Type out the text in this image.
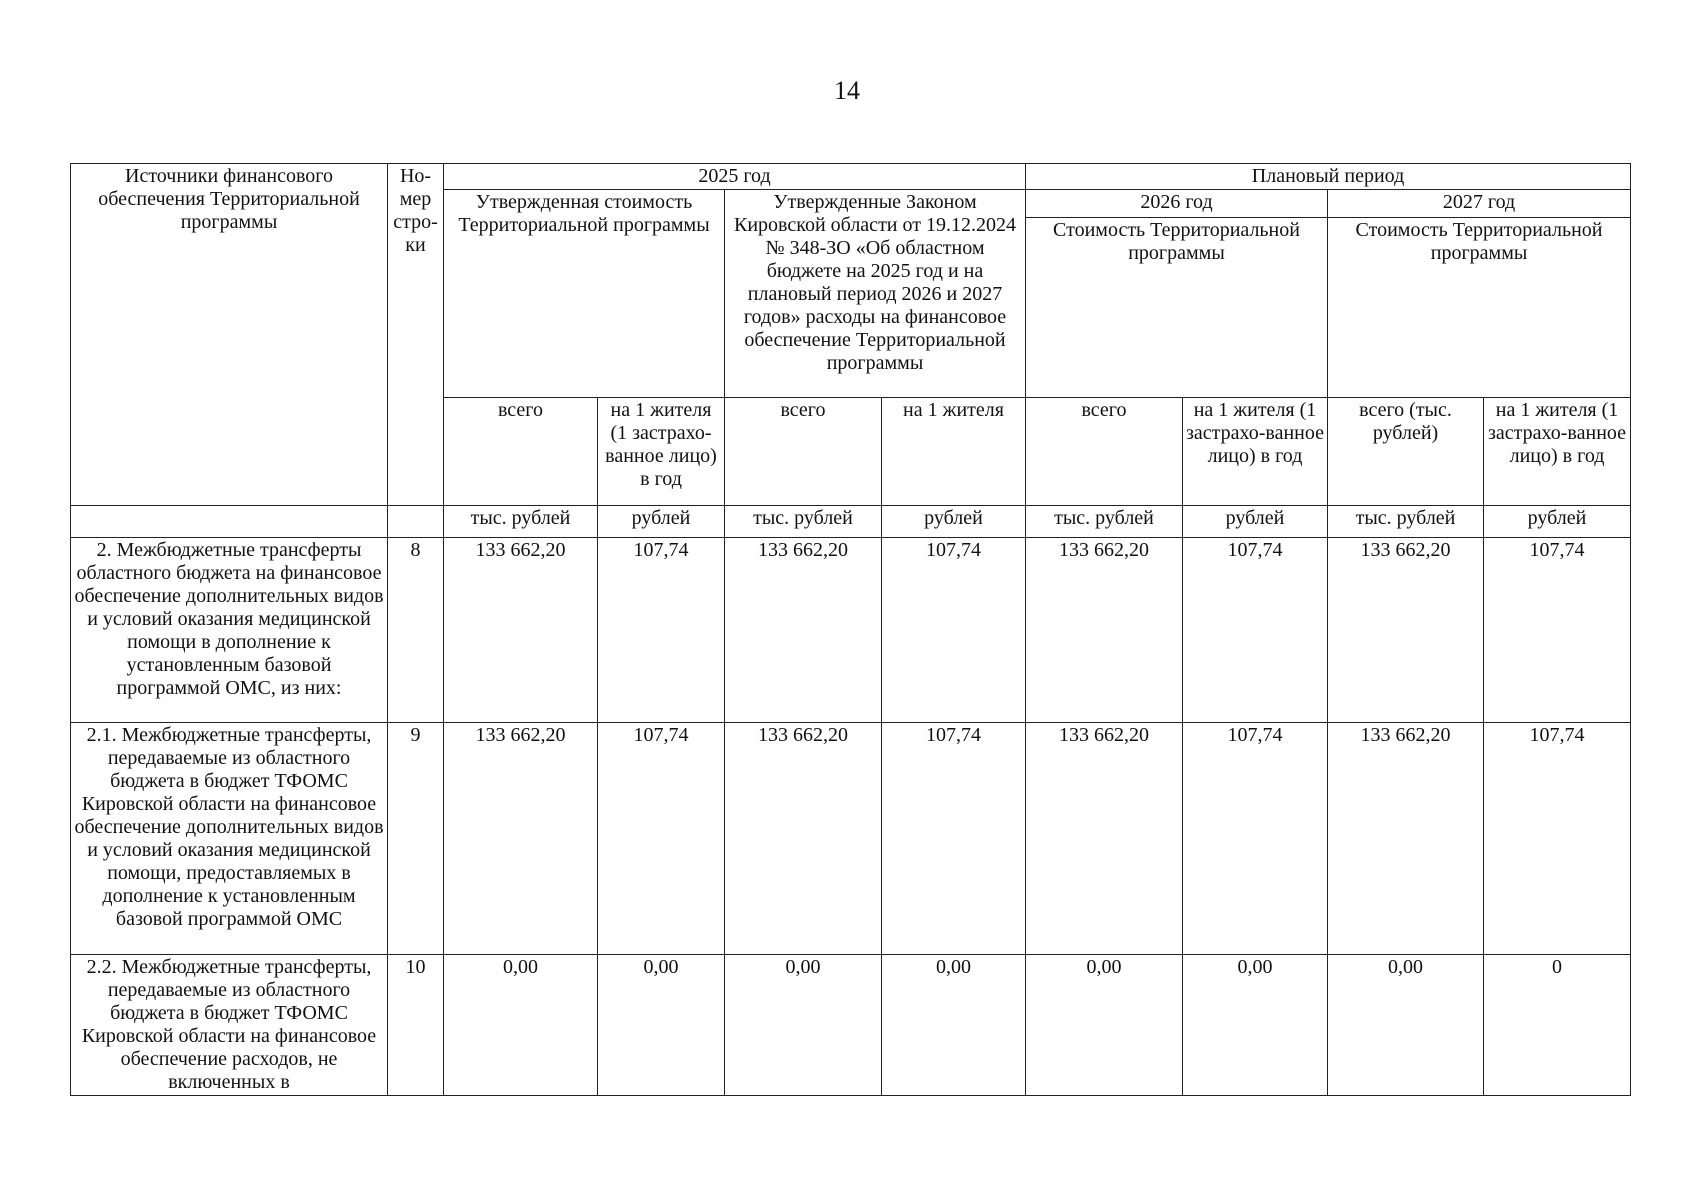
14
Источники финансового обеспечения Территориальной программы	Но-мер стро-ки	2025 год				Плановый период			
		Утвержденная стоимость Территориальной программы		Утвержденные Законом Кировской области от 19.12.2024 № 348-ЗО «Об областном бюджете на 2025 год и на плановый период 2026 и 2027 годов» расходы на финансовое обеспечение Территориальной программы		2026 год		2027 год	
						Стоимость Территориальной программы		Стоимость Территориальной программы	
		всего	на 1 жителя (1 застрахо-ванное лицо) в год	всего	на 1 жителя	всего	на 1 жителя (1 застрахо-ванное лицо) в год	всего (тыс. рублей)	на 1 жителя (1 застрахо-ванное лицо) в год
		тыс. рублей	рублей	тыс. рублей	рублей	тыс. рублей	рублей	тыс. рублей	рублей
2. Межбюджетные трансферты областного бюджета на финансовое обеспечение дополнительных видов и условий оказания медицинской помощи в дополнение к установленным базовой программой ОМС, из них:	8	133 662,20	107,74	133 662,20	107,74	133 662,20	107,74	133 662,20	107,74
2.1. Межбюджетные трансферты, передаваемые из областного бюджета в бюджет ТФОМС Кировской области на финансовое обеспечение дополнительных видов и условий оказания медицинской помощи, предоставляемых в дополнение к установленным базовой программой ОМС	9	133 662,20	107,74	133 662,20	107,74	133 662,20	107,74	133 662,20	107,74
2.2. Межбюджетные трансферты, передаваемые из областного бюджета в бюджет ТФОМС Кировской области на финансовое обеспечение расходов, не включенных в	10	0,00	0,00	0,00	0,00	0,00	0,00	0,00	0
